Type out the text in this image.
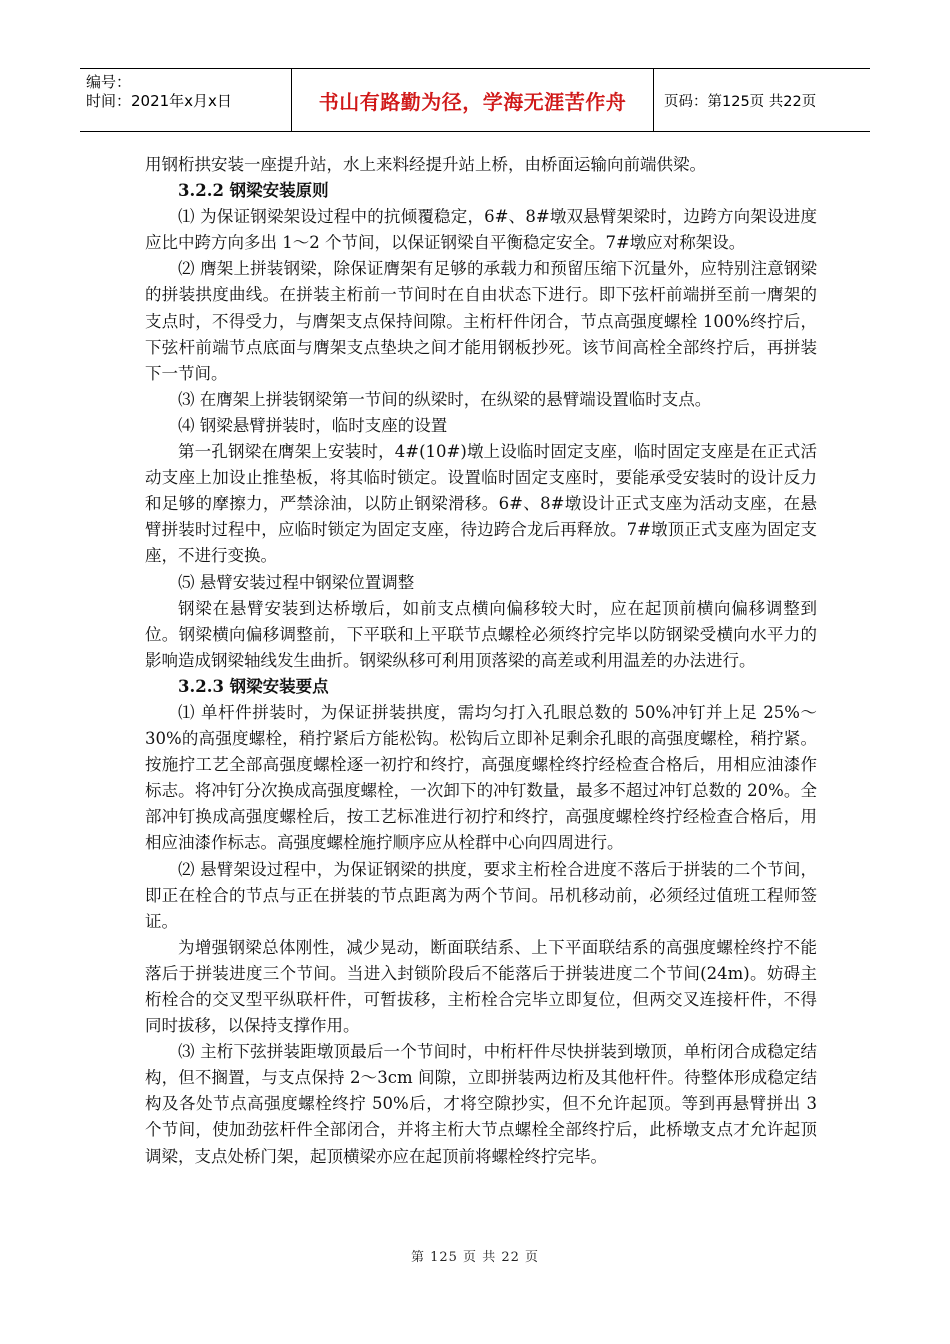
编号：
时间：2021年x月x日	书山有路勤为径，学海无涯苦作舟	页码：第125页 共22页

用钢桁拱安装一座提升站，水上来料经提升站上桥，由桥面运输向前端供梁。

3.2.2 钢梁安装原则

⑴ 为保证钢梁架设过程中的抗倾覆稳定，6#、8#墩双悬臂架梁时，边跨方向架设进度应比中跨方向多出 1～2 个节间，以保证钢梁自平衡稳定安全。7#墩应对称架设。

⑵ 膺架上拼装钢梁，除保证膺架有足够的承载力和预留压缩下沉量外，应特别注意钢梁的拼装拱度曲线。在拼装主桁前一节间时在自由状态下进行。即下弦杆前端拼至前一膺架的支点时，不得受力，与膺架支点保持间隙。主桁杆件闭合，节点高强度螺栓 100%终拧后，下弦杆前端节点底面与膺架支点垫块之间才能用钢板抄死。该节间高栓全部终拧后，再拼装下一节间。

⑶ 在膺架上拼装钢梁第一节间的纵梁时，在纵梁的悬臂端设置临时支点。

⑷ 钢梁悬臂拼装时，临时支座的设置

第一孔钢梁在膺架上安装时，4#(10#)墩上设临时固定支座，临时固定支座是在正式活动支座上加设止推垫板，将其临时锁定。设置临时固定支座时，要能承受安装时的设计反力和足够的摩擦力，严禁涂油，以防止钢梁滑移。6#、8#墩设计正式支座为活动支座，在悬臂拼装时过程中，应临时锁定为固定支座，待边跨合龙后再释放。7#墩顶正式支座为固定支座，不进行变换。

⑸ 悬臂安装过程中钢梁位置调整

钢梁在悬臂安装到达桥墩后，如前支点横向偏移较大时，应在起顶前横向偏移调整到位。钢梁横向偏移调整前，下平联和上平联节点螺栓必须终拧完毕以防钢梁受横向水平力的影响造成钢梁轴线发生曲折。钢梁纵移可利用顶落梁的高差或利用温差的办法进行。

3.2.3 钢梁安装要点

⑴ 单杆件拼装时，为保证拼装拱度，需均匀打入孔眼总数的 50%冲钉并上足 25%～30%的高强度螺栓，稍拧紧后方能松钩。松钩后立即补足剩余孔眼的高强度螺栓，稍拧紧。按施拧工艺全部高强度螺栓逐一初拧和终拧，高强度螺栓终拧经检查合格后，用相应油漆作标志。将冲钉分次换成高强度螺栓，一次卸下的冲钉数量，最多不超过冲钉总数的 20%。全部冲钉换成高强度螺栓后，按工艺标准进行初拧和终拧，高强度螺栓终拧经检查合格后，用相应油漆作标志。高强度螺栓施拧顺序应从栓群中心向四周进行。

⑵ 悬臂架设过程中，为保证钢梁的拱度，要求主桁栓合进度不落后于拼装的二个节间，即正在栓合的节点与正在拼装的节点距离为两个节间。吊机移动前，必须经过值班工程师签证。

为增强钢梁总体刚性，减少晃动，断面联结系、上下平面联结系的高强度螺栓终拧不能落后于拼装进度三个节间。当进入封锁阶段后不能落后于拼装进度二个节间(24m)。妨碍主桁栓合的交叉型平纵联杆件，可暂拔移，主桁栓合完毕立即复位，但两交叉连接杆件，不得同时拔移，以保持支撑作用。

⑶ 主桁下弦拼装距墩顶最后一个节间时，中桁杆件尽快拼装到墩顶，单桁闭合成稳定结构，但不搁置，与支点保持 2～3cm 间隙，立即拼装两边桁及其他杆件。待整体形成稳定结构及各处节点高强度螺栓终拧 50%后，才将空隙抄实，但不允许起顶。等到再悬臂拼出 3 个节间，使加劲弦杆件全部闭合，并将主桁大节点螺栓全部终拧后，此桥墩支点才允许起顶调梁，支点处桥门架，起顶横梁亦应在起顶前将螺栓终拧完毕。

第 125 页 共 22 页
